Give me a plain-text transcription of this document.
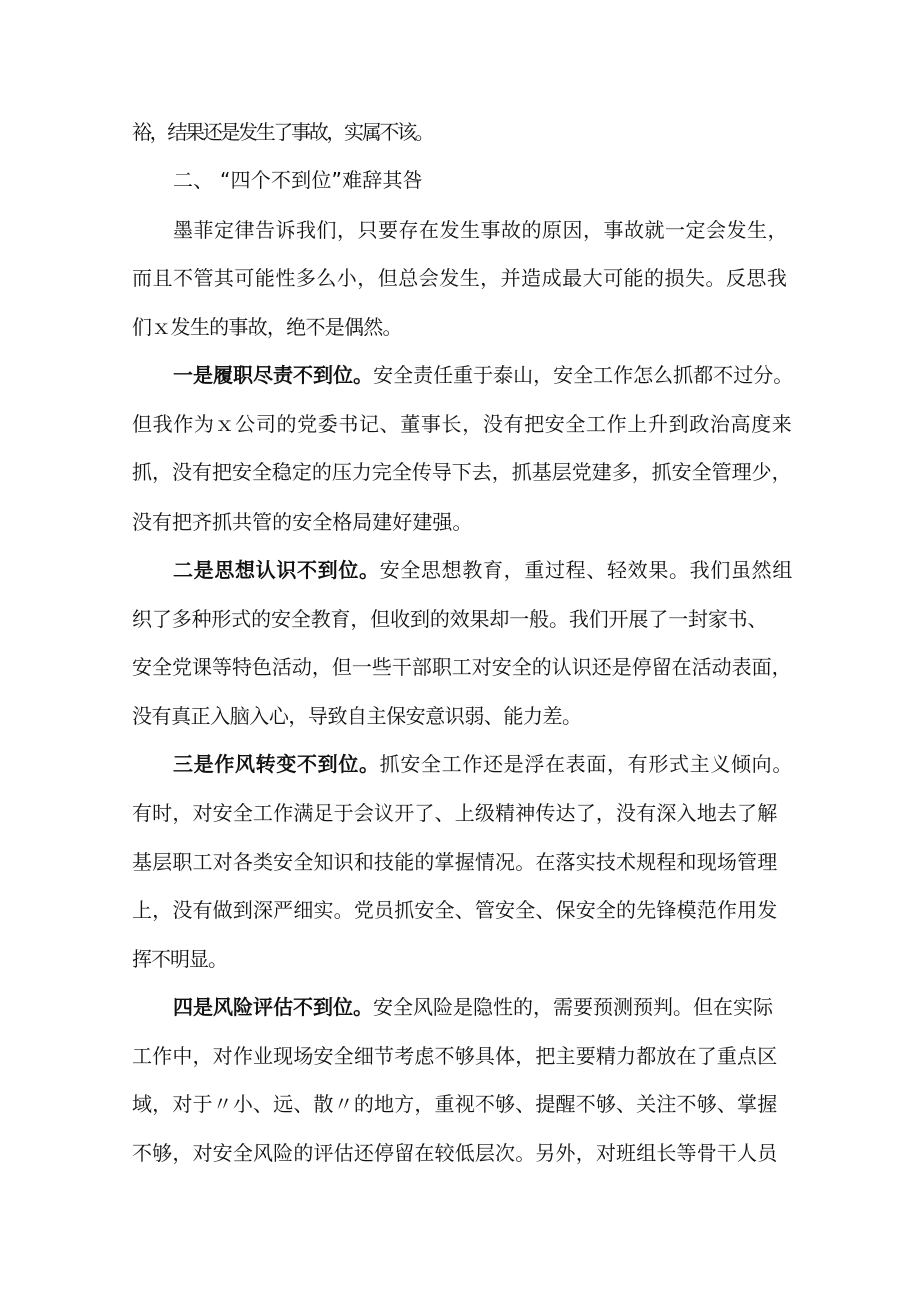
裕，结果还是发生了事故，实属不该。
二、 “四个不到位”难辞其咎
墨菲定律告诉我们，只要存在发生事故的原因，事故就一定会发生，
而且不管其可能性多么小，但总会发生，并造成最大可能的损失。反思我
们ｘ发生的事故，绝不是偶然。
一是履职尽责不到位。安全责任重于泰山，安全工作怎么抓都不过分。
但我作为ｘ公司的党委书记、董事长，没有把安全工作上升到政治高度来
抓，没有把安全稳定的压力完全传导下去，抓基层党建多，抓安全管理少，
没有把齐抓共管的安全格局建好建强。
二是思想认识不到位。安全思想教育，重过程、轻效果。我们虽然组
织了多种形式的安全教育，但收到的效果却一般。我们开展了一封家书、
安全党课等特色活动，但一些干部职工对安全的认识还是停留在活动表面，
没有真正入脑入心，导致自主保安意识弱、能力差。
三是作风转变不到位。抓安全工作还是浮在表面，有形式主义倾向。
有时，对安全工作满足于会议开了、上级精神传达了，没有深入地去了解
基层职工对各类安全知识和技能的掌握情况。在落实技术规程和现场管理
上，没有做到深严细实。党员抓安全、管安全、保安全的先锋模范作用发
挥不明显。
四是风险评估不到位。安全风险是隐性的，需要预测预判。但在实际
工作中，对作业现场安全细节考虑不够具体，把主要精力都放在了重点区
域，对于〃小、远、散〃的地方，重视不够、提醒不够、关注不够、掌握
不够，对安全风险的评估还停留在较低层次。另外，对班组长等骨干人员
